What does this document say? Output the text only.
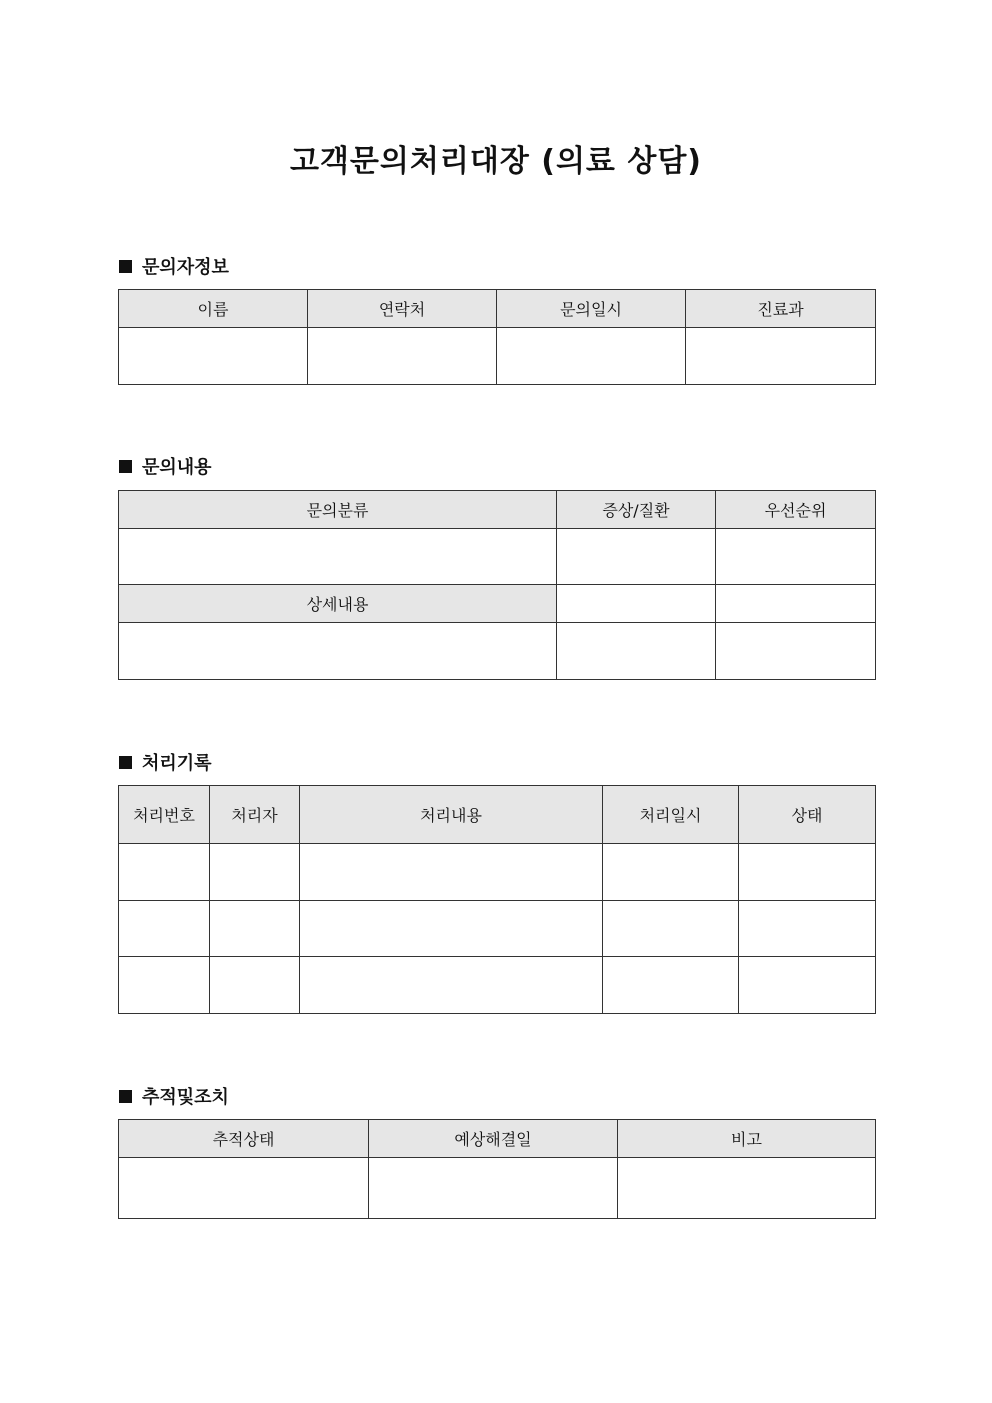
고객문의처리대장 (의료 상담)
문의자정보
이름	연락처	문의일시	진료과

문의내용
문의분류	증상/질환	우선순위

상세내용		

처리기록
처리번호	처리자	처리내용	처리일시	상태

추적및조치
추적상태	예상해결일	비고
